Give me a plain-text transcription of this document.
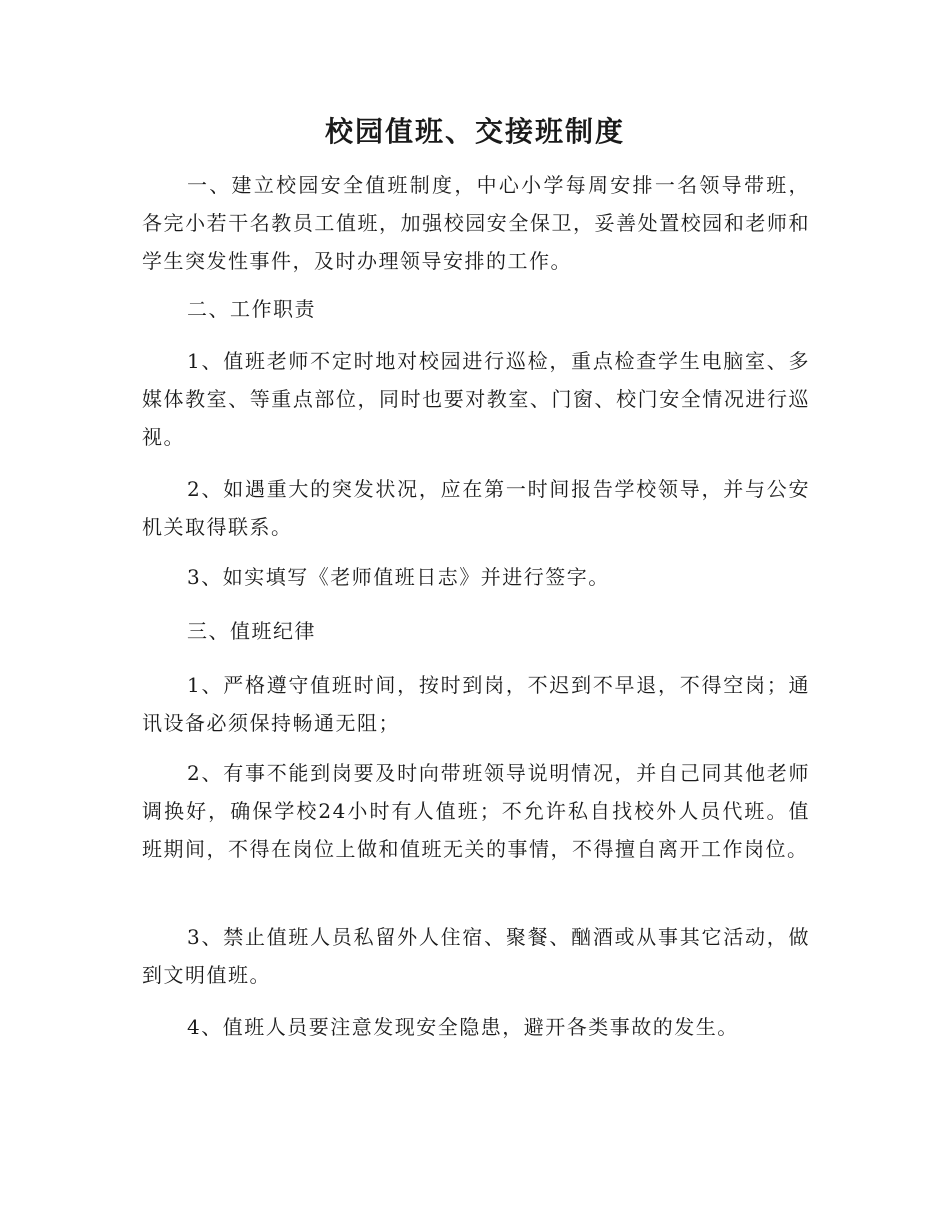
校园值班、交接班制度

一、建立校园安全值班制度，中心小学每周安排一名领导带班，各完小若干名教员工值班，加强校园安全保卫，妥善处置校园和老师和学生突发性事件，及时办理领导安排的工作。

二、工作职责

1、值班老师不定时地对校园进行巡检，重点检查学生电脑室、多媒体教室、等重点部位，同时也要对教室、门窗、校门安全情况进行巡视。

2、如遇重大的突发状况，应在第一时间报告学校领导，并与公安机关取得联系。

3、如实填写《老师值班日志》并进行签字。

三、值班纪律

1、严格遵守值班时间，按时到岗，不迟到不早退，不得空岗；通讯设备必须保持畅通无阻；

2、有事不能到岗要及时向带班领导说明情况，并自己同其他老师调换好，确保学校24小时有人值班；不允许私自找校外人员代班。值班期间，不得在岗位上做和值班无关的事情，不得擅自离开工作岗位。

3、禁止值班人员私留外人住宿、聚餐、酗酒或从事其它活动，做到文明值班。

4、值班人员要注意发现安全隐患，避开各类事故的发生。
